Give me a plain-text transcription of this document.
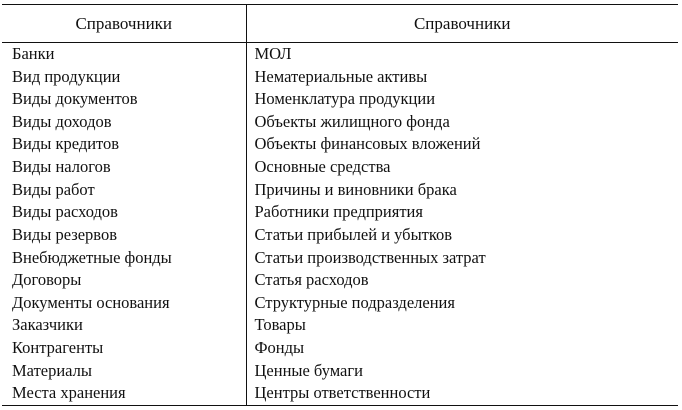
Справочники	Справочники
Банки	МОЛ
Вид продукции	Нематериальные активы
Виды документов	Номенклатура продукции
Виды доходов	Объекты жилищного фонда
Виды кредитов	Объекты финансовых вложений
Виды налогов	Основные средства
Виды работ	Причины и виновники брака
Виды расходов	Работники предприятия
Виды резервов	Статьи прибылей и убытков
Внебюджетные фонды	Статьи производственных затрат
Договоры	Статья расходов
Документы основания	Структурные подразделения
Заказчики	Товары
Контрагенты	Фонды
Материалы	Ценные бумаги
Места хранения	Центры ответственности
